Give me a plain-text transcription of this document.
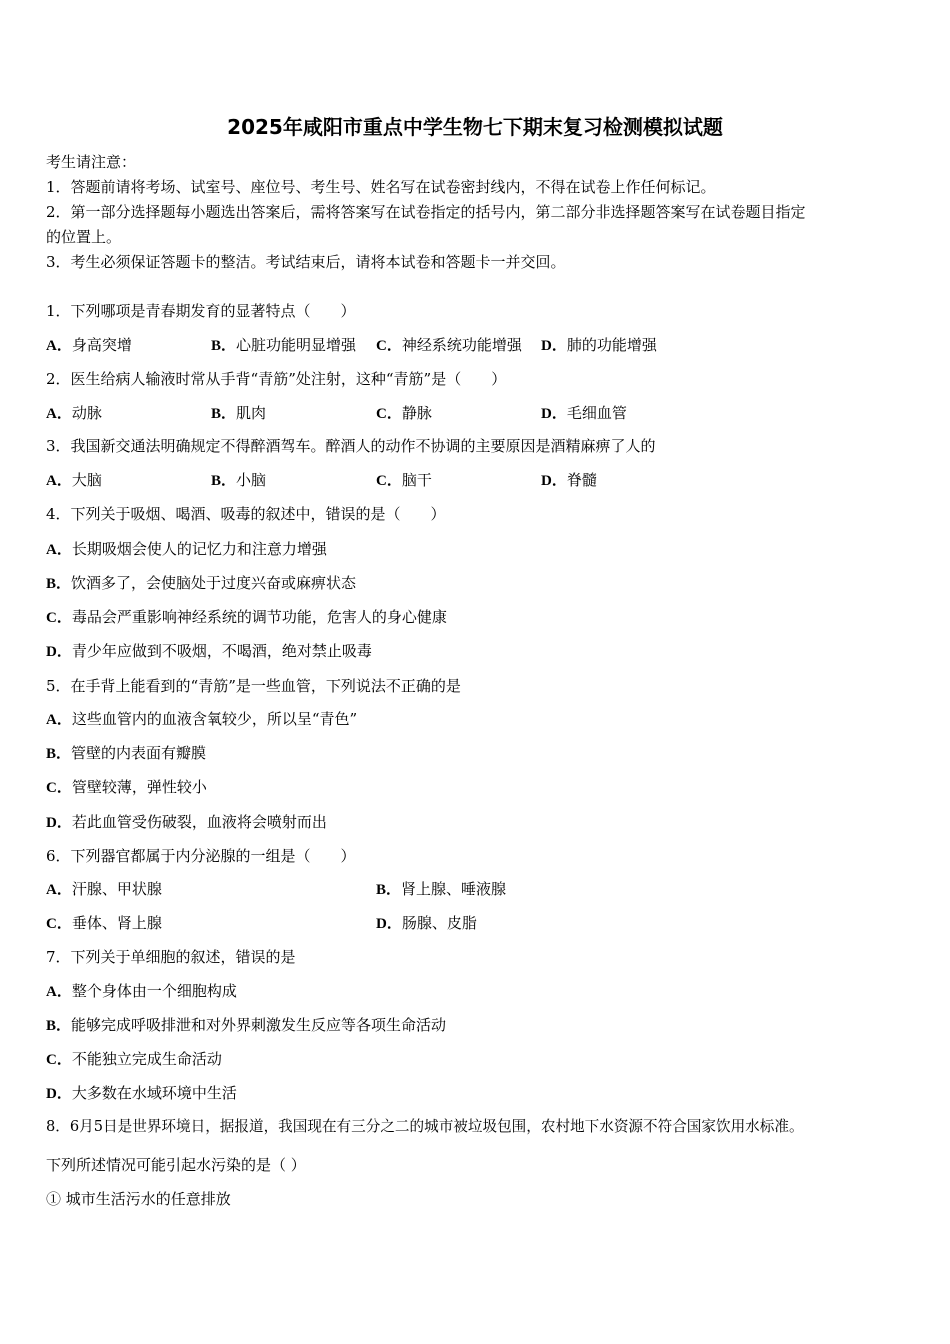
2025年咸阳市重点中学生物七下期末复习检测模拟试题
考生请注意：
1．答题前请将考场、试室号、座位号、考生号、姓名写在试卷密封线内，不得在试卷上作任何标记。
2．第一部分选择题每小题选出答案后，需将答案写在试卷指定的括号内，第二部分非选择题答案写在试卷题目指定
的位置上。
3．考生必须保证答题卡的整洁。考试结束后，请将本试卷和答题卡一并交回。
1．下列哪项是青春期发育的显著特点（　　）
A．身高突增	B．心脏功能明显增强 C．神经系统功能增强 D．肺的功能增强
2．医生给病人输液时常从手背“青筋”处注射，这种“青筋”是（　　）
A．动脉	B．肌肉	C．静脉	D．毛细血管
3．我国新交通法明确规定不得醉酒驾车。醉酒人的动作不协调的主要原因是酒精麻痹了人的
A．大脑	B．小脑	C．脑干	D．脊髓
4．下列关于吸烟、喝酒、吸毒的叙述中，错误的是（　　）
A．长期吸烟会使人的记忆力和注意力增强
B．饮酒多了，会使脑处于过度兴奋或麻痹状态
C．毒品会严重影响神经系统的调节功能，危害人的身心健康
D．青少年应做到不吸烟，不喝酒，绝对禁止吸毒
5．在手背上能看到的“青筋”是一些血管，下列说法不正确的是
A．这些血管内的血液含氧较少，所以呈“青色”
B．管壁的内表面有瓣膜
C．管壁较薄，弹性较小
D．若此血管受伤破裂，血液将会喷射而出
6．下列器官都属于内分泌腺的一组是（　　）
A．汗腺、甲状腺	B．肾上腺、唾液腺
C．垂体、肾上腺	D．肠腺、皮脂
7．下列关于单细胞的叙述，错误的是
A．整个身体由一个细胞构成
B．能够完成呼吸排泄和对外界刺激发生反应等各项生命活动
C．不能独立完成生命活动
D．大多数在水域环境中生活
8．6月5日是世界环境日，据报道，我国现在有三分之二的城市被垃圾包围，农村地下水资源不符合国家饮用水标准。
下列所述情况可能引起水污染的是（ ）
① 城市生活污水的任意排放
